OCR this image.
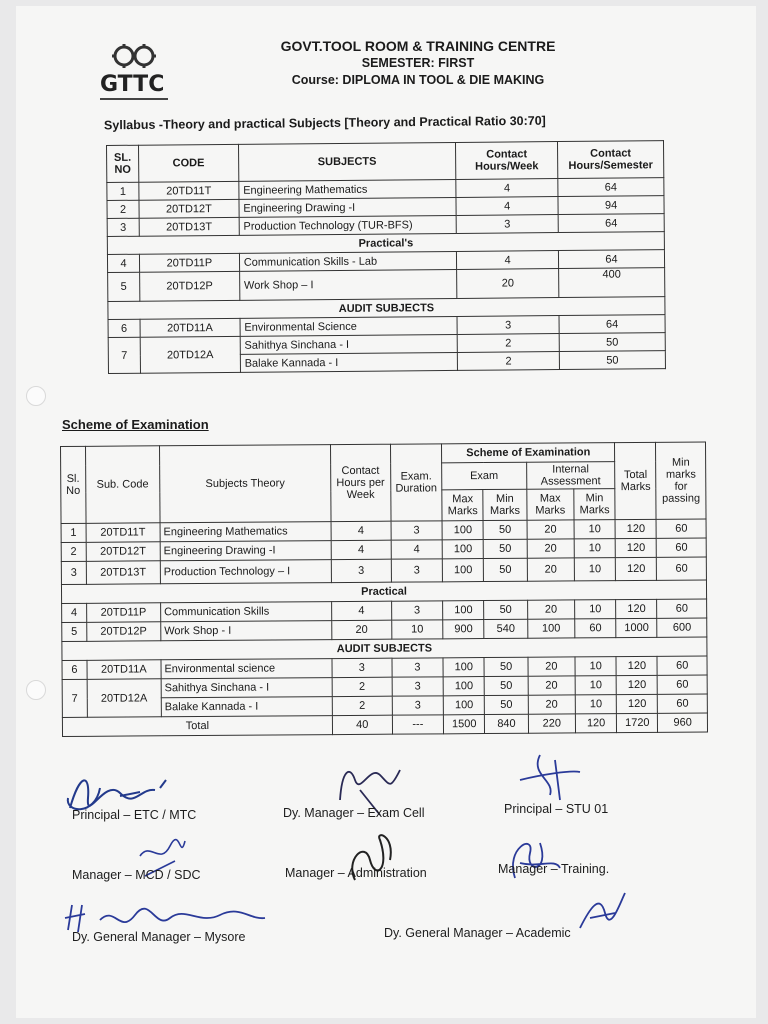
GTTC
GOVT.TOOL ROOM & TRAINING CENTRE
SEMESTER: FIRST
Course: DIPLOMA IN TOOL & DIE MAKING
Syllabus -Theory and practical Subjects [Theory and Practical Ratio 30:70]
SL. NO	CODE	SUBJECTS	Contact Hours/Week	Contact Hours/Semester
1	20TD11T	Engineering Mathematics	4	64
2	20TD12T	Engineering Drawing -I	4	94
3	20TD13T	Production Technology (TUR-BFS)	3	64
Practical's				
4	20TD11P	Communication Skills - Lab	4	64
5	20TD12P	Work Shop – I	20	400
AUDIT SUBJECTS				
6	20TD11A	Environmental Science	3	64
7	20TD12A	Sahithya Sinchana - I	2	50
		Balake Kannada - I	2	50
Scheme of Examination
Sl. No	Sub. Code	Subjects Theory	Contact Hours per Week	Exam. Duration	Scheme of Examination				Total Marks	Min marks for passing
					Exam		Internal Assessment			
					Max Marks	Min Marks	Max Marks	Min Marks		
1	20TD11T	Engineering Mathematics	4	3	100	50	20	10	120	60
2	20TD12T	Engineering Drawing -I	4	4	100	50	20	10	120	60
3	20TD13T	Production Technology – I	3	3	100	50	20	10	120	60
Practical										
4	20TD11P	Communication Skills	4	3	100	50	20	10	120	60
5	20TD12P	Work Shop - I	20	10	900	540	100	60	1000	600
AUDIT SUBJECTS										
6	20TD11A	Environmental science	3	3	100	50	20	10	120	60
7	20TD12A	Sahithya Sinchana - I	2	3	100	50	20	10	120	60
		Balake Kannada - I	2	3	100	50	20	10	120	60
Total			40	---	1500	840	220	120	1720	960
Principal – ETC / MTC	Dy. Manager – Exam Cell	Principal – STU 01
Manager – MCD / SDC	Manager – Administration	Manager – Training.
Dy. General Manager – Mysore	Dy. General Manager – Academic
